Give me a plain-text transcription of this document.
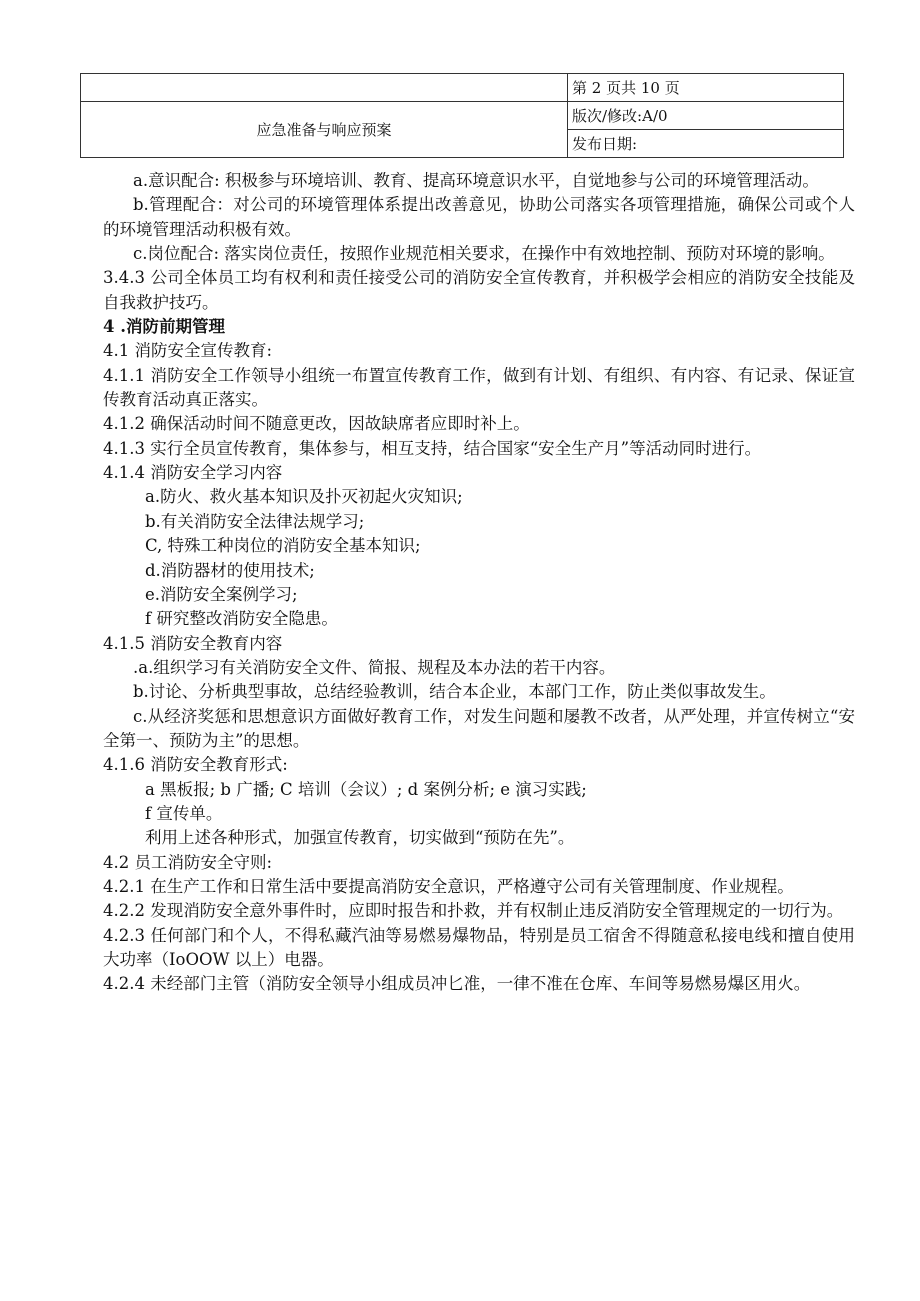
	第 2 页共 10 页
应急准备与响应预案	版次/修改:A/0
	发布日期:

a.意识配合: 积极参与环境培训、教育、提高环境意识水平，自觉地参与公司的环境管理活动。

b.管理配合：对公司的环境管理体系提出改善意见，协助公司落实各项管理措施，确保公司或个人的环境管理活动积极有效。

c.岗位配合: 落实岗位责任，按照作业规范相关要求，在操作中有效地控制、预防对环境的影响。

3.4.3 公司全体员工均有权利和责任接受公司的消防安全宣传教育，并积极学会相应的消防安全技能及自我救护技巧。

4 .消防前期管理

4.1 消防安全宣传教育:

4.1.1 消防安全工作领导小组统一布置宣传教育工作，做到有计划、有组织、有内容、有记录、保证宣传教育活动真正落实。

4.1.2 确保活动时间不随意更改，因故缺席者应即时补上。

4.1.3 实行全员宣传教育，集体参与，相互支持，结合国家“安全生产月”等活动同时进行。

4.1.4 消防安全学习内容

a.防火、救火基本知识及扑灭初起火灾知识;

b.有关消防安全法律法规学习;

C, 特殊工种岗位的消防安全基本知识;

d.消防器材的使用技术;

e.消防安全案例学习;

f 研究整改消防安全隐患。

4.1.5 消防安全教育内容

.a.组织学习有关消防安全文件、简报、规程及本办法的若干内容。

b.讨论、分析典型事故，总结经验教训，结合本企业，本部门工作，防止类似事故发生。

c.从经济奖惩和思想意识方面做好教育工作，对发生问题和屡教不改者，从严处理，并宣传树立“安全第一、预防为主”的思想。

4.1.6 消防安全教育形式:

a 黑板报; b 广播; C 培训（会议）; d 案例分析; e 演习实践;

f 宣传单。

利用上述各种形式，加强宣传教育，切实做到“预防在先”。

4.2 员工消防安全守则:

4.2.1 在生产工作和日常生活中要提高消防安全意识，严格遵守公司有关管理制度、作业规程。

4.2.2 发现消防安全意外事件时，应即时报告和扑救，并有权制止违反消防安全管理规定的一切行为。

4.2.3 任何部门和个人，不得私藏汽油等易燃易爆物品，特别是员工宿舍不得随意私接电线和擅自使用大功率（IoOOW 以上）电器。

4.2.4 未经部门主管（消防安全领导小组成员冲匕准，一律不准在仓库、车间等易燃易爆区用火。
